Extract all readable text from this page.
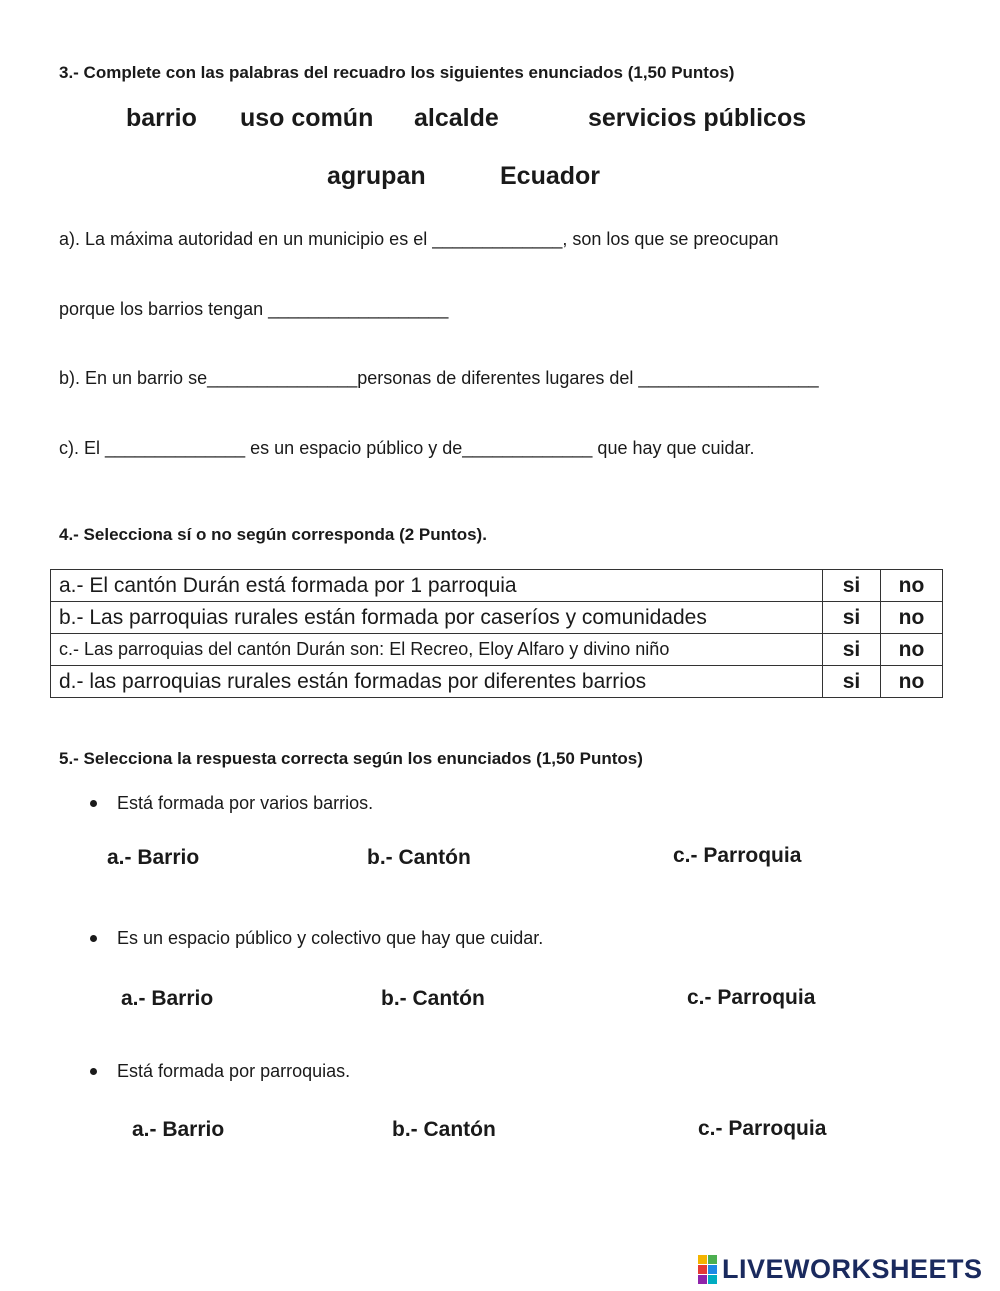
3.- Complete con las palabras del recuadro los siguientes enunciados (1,50 Puntos)
barrio uso común alcalde	servicios públicos
agrupan	Ecuador
a). La máxima autoridad en un municipio es el _____________, son los que se preocupan
porque los barrios tengan __________________
b). En un barrio se_______________personas de diferentes lugares del __________________
c). El ______________ es un espacio público y de_____________ que hay que cuidar.
4.- Selecciona sí o no según corresponda (2 Puntos).
a.- El cantón Durán está formada por 1 parroquia	si	no
b.- Las parroquias rurales están formada por caseríos y comunidades	si	no
c.- Las parroquias del cantón Durán son: El Recreo, Eloy Alfaro y divino niño	si	no
d.- las parroquias rurales están formadas por diferentes barrios	si	no
5.- Selecciona la respuesta correcta según los enunciados (1,50 Puntos)
Está formada por varios barrios.
a.- Barrio	b.- Cantón	c.- Parroquia
Es un espacio público y colectivo que hay que cuidar.
a.- Barrio	b.- Cantón	c.- Parroquia
Está formada por parroquias.
a.- Barrio	b.- Cantón	c.- Parroquia
LIVEWORKSHEETS
